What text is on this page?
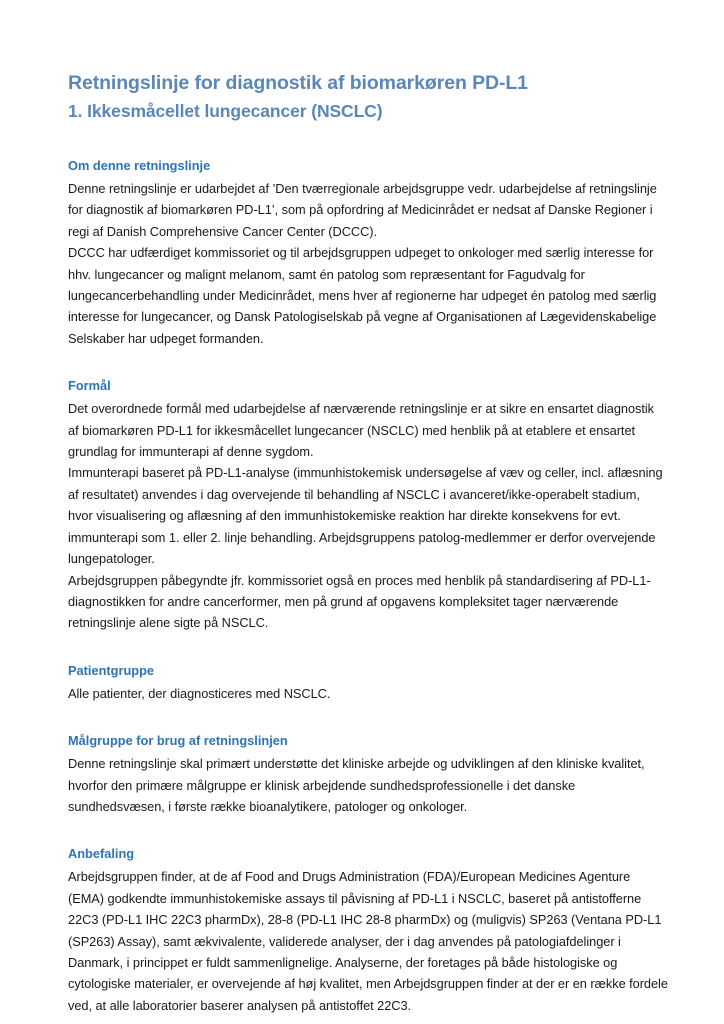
Retningslinje for diagnostik af biomarkøren PD-L1
1. Ikkesmåcellet lungecancer (NSCLC)
Om denne retningslinje

Denne retningslinje er udarbejdet af ’Den tværregionale arbejdsgruppe vedr. udarbejdelse af retningslinje for diagnostik af biomarkøren PD-L1’, som på opfordring af Medicinrådet er nedsat af Danske Regioner i regi af Danish Comprehensive Cancer Center (DCCC).

DCCC har udfærdiget kommissoriet og til arbejdsgruppen udpeget to onkologer med særlig interesse for hhv. lungecancer og malignt melanom, samt én patolog som repræsentant for Fagudvalg for lungecancerbehandling under Medicinrådet, mens hver af regionerne har udpeget én patolog med særlig interesse for lungecancer, og Dansk Patologiselskab på vegne af Organisationen af Lægevidenskabelige Selskaber har udpeget formanden.

Formål

Det overordnede formål med udarbejdelse af nærværende retningslinje er at sikre en ensartet diagnostik af biomarkøren PD-L1 for ikkesmåcellet lungecancer (NSCLC) med henblik på at etablere et ensartet grundlag for immunterapi af denne sygdom.

Immunterapi baseret på PD-L1-analyse (immunhistokemisk undersøgelse af væv og celler, incl. aflæsning af resultatet) anvendes i dag overvejende til behandling af NSCLC i avanceret/ikke-operabelt stadium, hvor visualisering og aflæsning af den immunhistokemiske reaktion har direkte konsekvens for evt. immunterapi som 1. eller 2. linje behandling. Arbejdsgruppens patolog-medlemmer er derfor overvejende lungepatologer.

Arbejdsgruppen påbegyndte jfr. kommissoriet også en proces med henblik på standardisering af PD-L1-diagnostikken for andre cancerformer, men på grund af opgavens kompleksitet tager nærværende retningslinje alene sigte på NSCLC.

Patientgruppe

Alle patienter, der diagnosticeres med NSCLC.

Målgruppe for brug af retningslinjen

Denne retningslinje skal primært understøtte det kliniske arbejde og udviklingen af den kliniske kvalitet, hvorfor den primære målgruppe er klinisk arbejdende sundhedsprofessionelle i det danske sundhedsvæsen, i første række bioanalytikere, patologer og onkologer.

Anbefaling

Arbejdsgruppen finder, at de af Food and Drugs Administration (FDA)/European Medicines Agenture (EMA) godkendte immunhistokemiske assays til påvisning af PD-L1 i NSCLC, baseret på antistofferne 22C3 (PD-L1 IHC 22C3 pharmDx), 28-8 (PD-L1 IHC 28-8 pharmDx) og (muligvis) SP263 (Ventana PD-L1 (SP263) Assay), samt ækvivalente, validerede analyser, der i dag anvendes på patologiafdelinger i Danmark, i princippet er fuldt sammenlignelige. Analyserne, der foretages på både histologiske og cytologiske materialer, er overvejende af høj kvalitet, men Arbejdsgruppen finder at der er en række fordele ved, at alle laboratorier baserer analysen på antistoffet 22C3.
